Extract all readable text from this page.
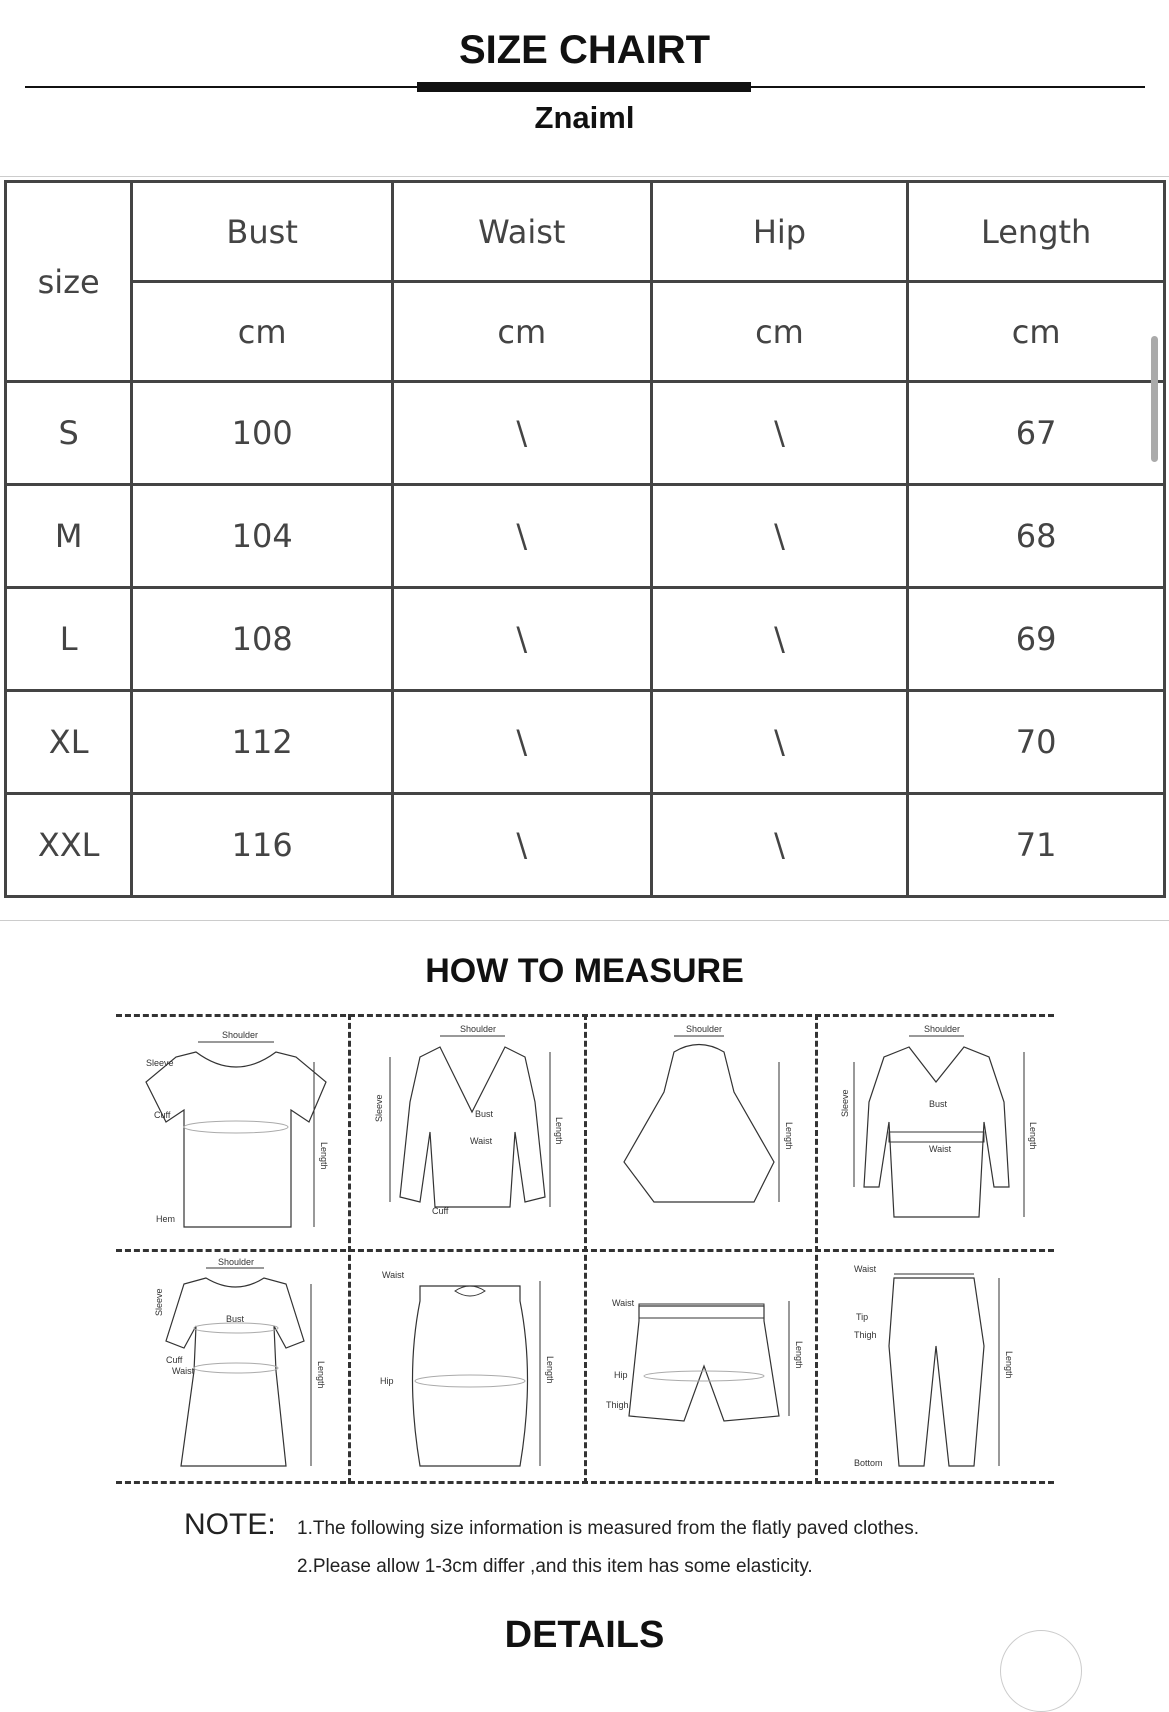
SIZE CHAIRT
Znaiml
size	Bust	Waist	Hip	Length
	cm	cm	cm	cm
S	100	\	\	67
M	104	\	\	68
L	108	\	\	69
XL	112	\	\	70
XXL	116	\	\	71
HOW TO MEASURE
Shoulder
Sleeve
Cuff
Hem
Length
Shoulder
Bust
Waist
Cuff
Sleeve
Length
Shoulder
Length
Shoulder
Bust
Waist
Sleeve
Length
Shoulder
Bust
Cuff
Waist
Sleeve
Length
Waist
Hip	Length
Waist
Hip
Thigh
Length
Waist
Tip
Thigh
Bottom
Length
NOTE: 1.The following size information is measured from the flatly paved clothes.
2.Please allow 1-3cm differ ,and this item has some elasticity.
DETAILS
